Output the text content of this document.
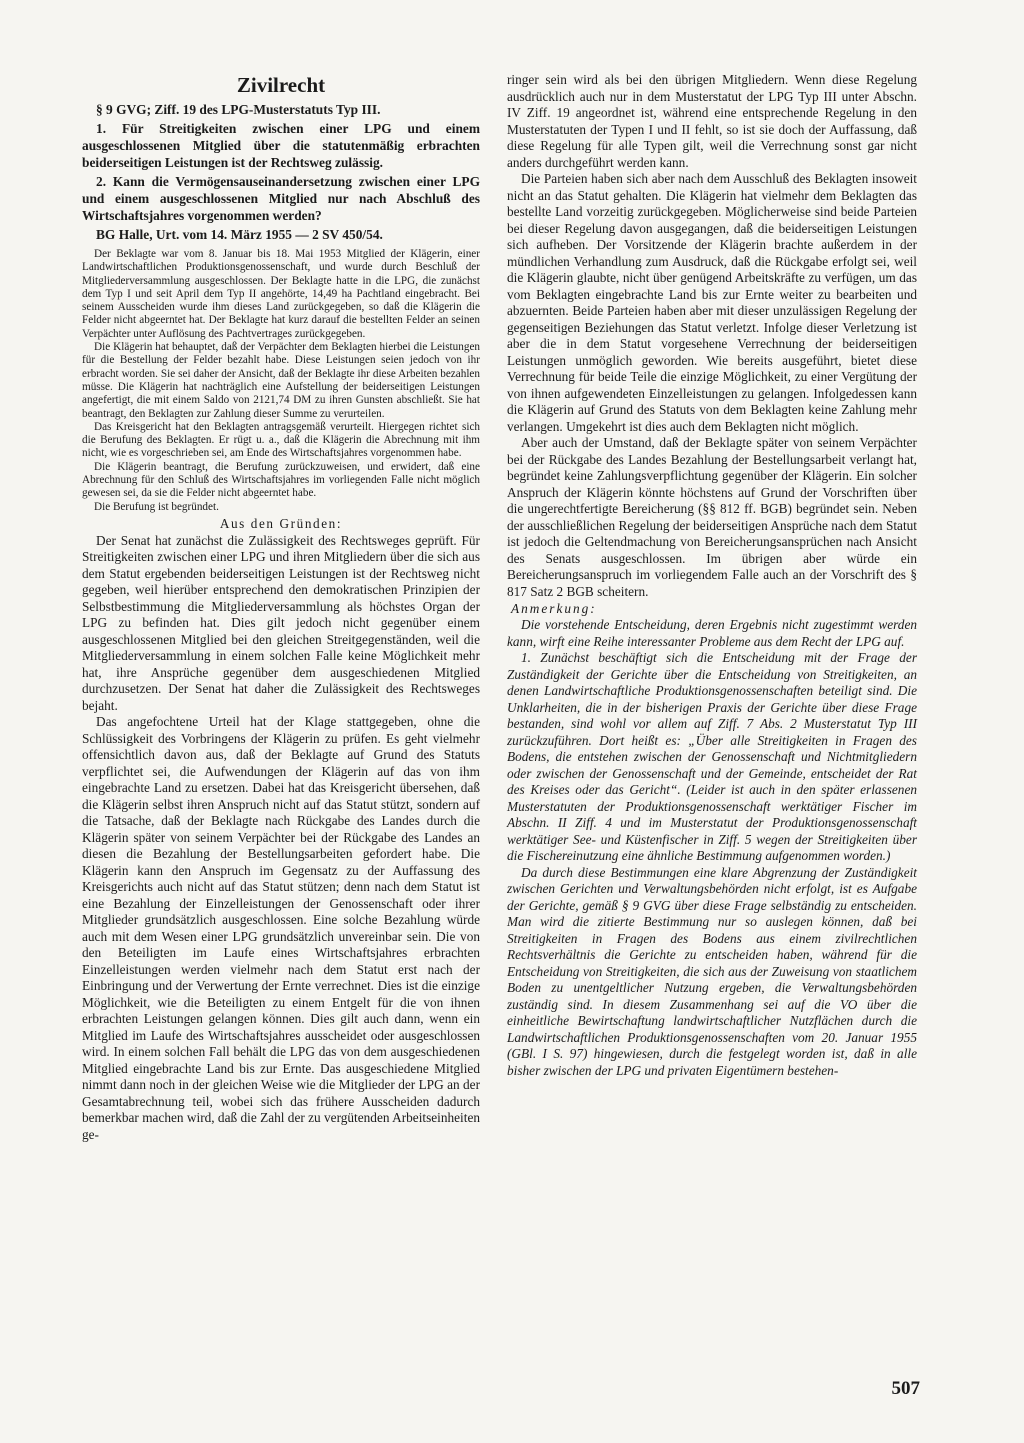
Zivilrecht

§ 9 GVG; Ziff. 19 des LPG-Musterstatuts Typ III.

1. Für Streitigkeiten zwischen einer LPG und einem ausgeschlossenen Mitglied über die statutenmäßig erbrachten beiderseitigen Leistungen ist der Rechtsweg zulässig.

2. Kann die Vermögensauseinandersetzung zwischen einer LPG und einem ausgeschlossenen Mitglied nur nach Abschluß des Wirtschaftsjahres vorgenommen werden?

BG Halle, Urt. vom 14. März 1955 — 2 SV 450/54.

Der Beklagte war vom 8. Januar bis 18. Mai 1953 Mitglied der Klägerin, einer Landwirtschaftlichen Produktionsgenossenschaft, und wurde durch Beschluß der Mitgliederversammlung ausgeschlossen. Der Beklagte hatte in die LPG, die zunächst dem Typ I und seit April dem Typ II angehörte, 14,49 ha Pachtland eingebracht. Bei seinem Ausscheiden wurde ihm dieses Land zurückgegeben, so daß die Klägerin die Felder nicht abgeerntet hat. Der Beklagte hat kurz darauf die bestellten Felder an seinen Verpächter unter Auflösung des Pachtvertrages zurückgegeben.

Die Klägerin hat behauptet, daß der Verpächter dem Beklagten hierbei die Leistungen für die Bestellung der Felder bezahlt habe. Diese Leistungen seien jedoch von ihr erbracht worden. Sie sei daher der Ansicht, daß der Beklagte ihr diese Arbeiten bezahlen müsse. Die Klägerin hat nachträglich eine Aufstellung der beiderseitigen Leistungen angefertigt, die mit einem Saldo von 2121,74 DM zu ihren Gunsten abschließt. Sie hat beantragt, den Beklagten zur Zahlung dieser Summe zu verurteilen.

Das Kreisgericht hat den Beklagten antragsgemäß verurteilt. Hiergegen richtet sich die Berufung des Beklagten. Er rügt u. a., daß die Klägerin die Abrechnung mit ihm nicht, wie es vorgeschrieben sei, am Ende des Wirtschaftsjahres vorgenommen habe.

Die Klägerin beantragt, die Berufung zurückzuweisen, und erwidert, daß eine Abrechnung für den Schluß des Wirtschaftsjahres im vorliegenden Falle nicht möglich gewesen sei, da sie die Felder nicht abgeerntet habe.

Die Berufung ist begründet.

Aus den Gründen:

Der Senat hat zunächst die Zulässigkeit des Rechtsweges geprüft. Für Streitigkeiten zwischen einer LPG und ihren Mitgliedern über die sich aus dem Statut ergebenden beiderseitigen Leistungen ist der Rechtsweg nicht gegeben, weil hierüber entsprechend den demokratischen Prinzipien der Selbstbestimmung die Mitgliederversammlung als höchstes Organ der LPG zu befinden hat. Dies gilt jedoch nicht gegenüber einem ausgeschlossenen Mitglied bei den gleichen Streitgegenständen, weil die Mitgliederversammlung in einem solchen Falle keine Möglichkeit mehr hat, ihre Ansprüche gegenüber dem ausgeschiedenen Mitglied durchzusetzen. Der Senat hat daher die Zulässigkeit des Rechtsweges bejaht.

Das angefochtene Urteil hat der Klage stattgegeben, ohne die Schlüssigkeit des Vorbringens der Klägerin zu prüfen. Es geht vielmehr offensichtlich davon aus, daß der Beklagte auf Grund des Statuts verpflichtet sei, die Aufwendungen der Klägerin auf das von ihm eingebrachte Land zu ersetzen. Dabei hat das Kreisgericht übersehen, daß die Klägerin selbst ihren Anspruch nicht auf das Statut stützt, sondern auf die Tatsache, daß der Beklagte nach Rückgabe des Landes durch die Klägerin später von seinem Verpächter bei der Rückgabe des Landes an diesen die Bezahlung der Bestellungsarbeiten gefordert habe. Die Klägerin kann den Anspruch im Gegensatz zu der Auffassung des Kreisgerichts auch nicht auf das Statut stützen; denn nach dem Statut ist eine Bezahlung der Einzelleistungen der Genossenschaft oder ihrer Mitglieder grundsätzlich ausgeschlossen. Eine solche Bezahlung würde auch mit dem Wesen einer LPG grundsätzlich unvereinbar sein. Die von den Beteiligten im Laufe eines Wirtschaftsjahres erbrachten Einzelleistungen werden vielmehr nach dem Statut erst nach der Einbringung und der Verwertung der Ernte verrechnet. Dies ist die einzige Möglichkeit, wie die Beteiligten zu einem Entgelt für die von ihnen erbrachten Leistungen gelangen können. Dies gilt auch dann, wenn ein Mitglied im Laufe des Wirtschaftsjahres ausscheidet oder ausgeschlossen wird. In einem solchen Fall behält die LPG das von dem ausgeschiedenen Mitglied eingebrachte Land bis zur Ernte. Das ausgeschiedene Mitglied nimmt dann noch in der gleichen Weise wie die Mitglieder der LPG an der Gesamtabrechnung teil, wobei sich das frühere Ausscheiden dadurch bemerkbar machen wird, daß die Zahl der zu vergütenden Arbeitseinheiten ge-

ringer sein wird als bei den übrigen Mitgliedern. Wenn diese Regelung ausdrücklich auch nur in dem Musterstatut der LPG Typ III unter Abschn. IV Ziff. 19 angeordnet ist, während eine entsprechende Regelung in den Musterstatuten der Typen I und II fehlt, so ist sie doch der Auffassung, daß diese Regelung für alle Typen gilt, weil die Verrechnung sonst gar nicht anders durchgeführt werden kann.

Die Parteien haben sich aber nach dem Ausschluß des Beklagten insoweit nicht an das Statut gehalten. Die Klägerin hat vielmehr dem Beklagten das bestellte Land vorzeitig zurückgegeben. Möglicherweise sind beide Parteien bei dieser Regelung davon ausgegangen, daß die beiderseitigen Leistungen sich aufheben. Der Vorsitzende der Klägerin brachte außerdem in der mündlichen Verhandlung zum Ausdruck, daß die Rückgabe erfolgt sei, weil die Klägerin glaubte, nicht über genügend Arbeitskräfte zu verfügen, um das vom Beklagten eingebrachte Land bis zur Ernte weiter zu bearbeiten und abzuernten. Beide Parteien haben aber mit dieser unzulässigen Regelung der gegenseitigen Beziehungen das Statut verletzt. Infolge dieser Verletzung ist aber die in dem Statut vorgesehene Verrechnung der beiderseitigen Leistungen unmöglich geworden. Wie bereits ausgeführt, bietet diese Verrechnung für beide Teile die einzige Möglichkeit, zu einer Vergütung der von ihnen aufgewendeten Einzelleistungen zu gelangen. Infolgedessen kann die Klägerin auf Grund des Statuts von dem Beklagten keine Zahlung mehr verlangen. Umgekehrt ist dies auch dem Beklagten nicht möglich.

Aber auch der Umstand, daß der Beklagte später von seinem Verpächter bei der Rückgabe des Landes Bezahlung der Bestellungsarbeit verlangt hat, begründet keine Zahlungsverpflichtung gegenüber der Klägerin. Ein solcher Anspruch der Klägerin könnte höchstens auf Grund der Vorschriften über die ungerechtfertigte Bereicherung (§§ 812 ff. BGB) begründet sein. Neben der ausschließlichen Regelung der beiderseitigen Ansprüche nach dem Statut ist jedoch die Geltendmachung von Bereicherungsansprüchen nach Ansicht des Senats ausgeschlossen. Im übrigen aber würde ein Bereicherungsanspruch im vorliegendem Falle auch an der Vorschrift des § 817 Satz 2 BGB scheitern.

Anmerkung:

Die vorstehende Entscheidung, deren Ergebnis nicht zugestimmt werden kann, wirft eine Reihe interessanter Probleme aus dem Recht der LPG auf.

1. Zunächst beschäftigt sich die Entscheidung mit der Frage der Zuständigkeit der Gerichte über die Entscheidung von Streitigkeiten, an denen Landwirtschaftliche Produktionsgenossenschaften beteiligt sind. Die Unklarheiten, die in der bisherigen Praxis der Gerichte über diese Frage bestanden, sind wohl vor allem auf Ziff. 7 Abs. 2 Musterstatut Typ III zurückzuführen. Dort heißt es: „Über alle Streitigkeiten in Fragen des Bodens, die entstehen zwischen der Genossenschaft und Nichtmitgliedern oder zwischen der Genossenschaft und der Gemeinde, entscheidet der Rat des Kreises oder das Gericht“. (Leider ist auch in den später erlassenen Musterstatuten der Produktionsgenossenschaft werktätiger Fischer im Abschn. II Ziff. 4 und im Musterstatut der Produktionsgenossenschaft werktätiger See- und Küstenfischer in Ziff. 5 wegen der Streitigkeiten über die Fischereinutzung eine ähnliche Bestimmung aufgenommen worden.)

Da durch diese Bestimmungen eine klare Abgrenzung der Zuständigkeit zwischen Gerichten und Verwaltungsbehörden nicht erfolgt, ist es Aufgabe der Gerichte, gemäß § 9 GVG über diese Frage selbständig zu entscheiden. Man wird die zitierte Bestimmung nur so auslegen können, daß bei Streitigkeiten in Fragen des Bodens aus einem zivilrechtlichen Rechtsverhältnis die Gerichte zu entscheiden haben, während für die Entscheidung von Streitigkeiten, die sich aus der Zuweisung von staatlichem Boden zu unentgeltlicher Nutzung ergeben, die Verwaltungsbehörden zuständig sind. In diesem Zusammenhang sei auf die VO über die einheitliche Bewirtschaftung landwirtschaftlicher Nutzflächen durch die Landwirtschaftlichen Produktionsgenossenschaften vom 20. Januar 1955 (GBl. I S. 97) hingewiesen, durch die festgelegt worden ist, daß in alle bisher zwischen der LPG und privaten Eigentümern bestehen-

507
